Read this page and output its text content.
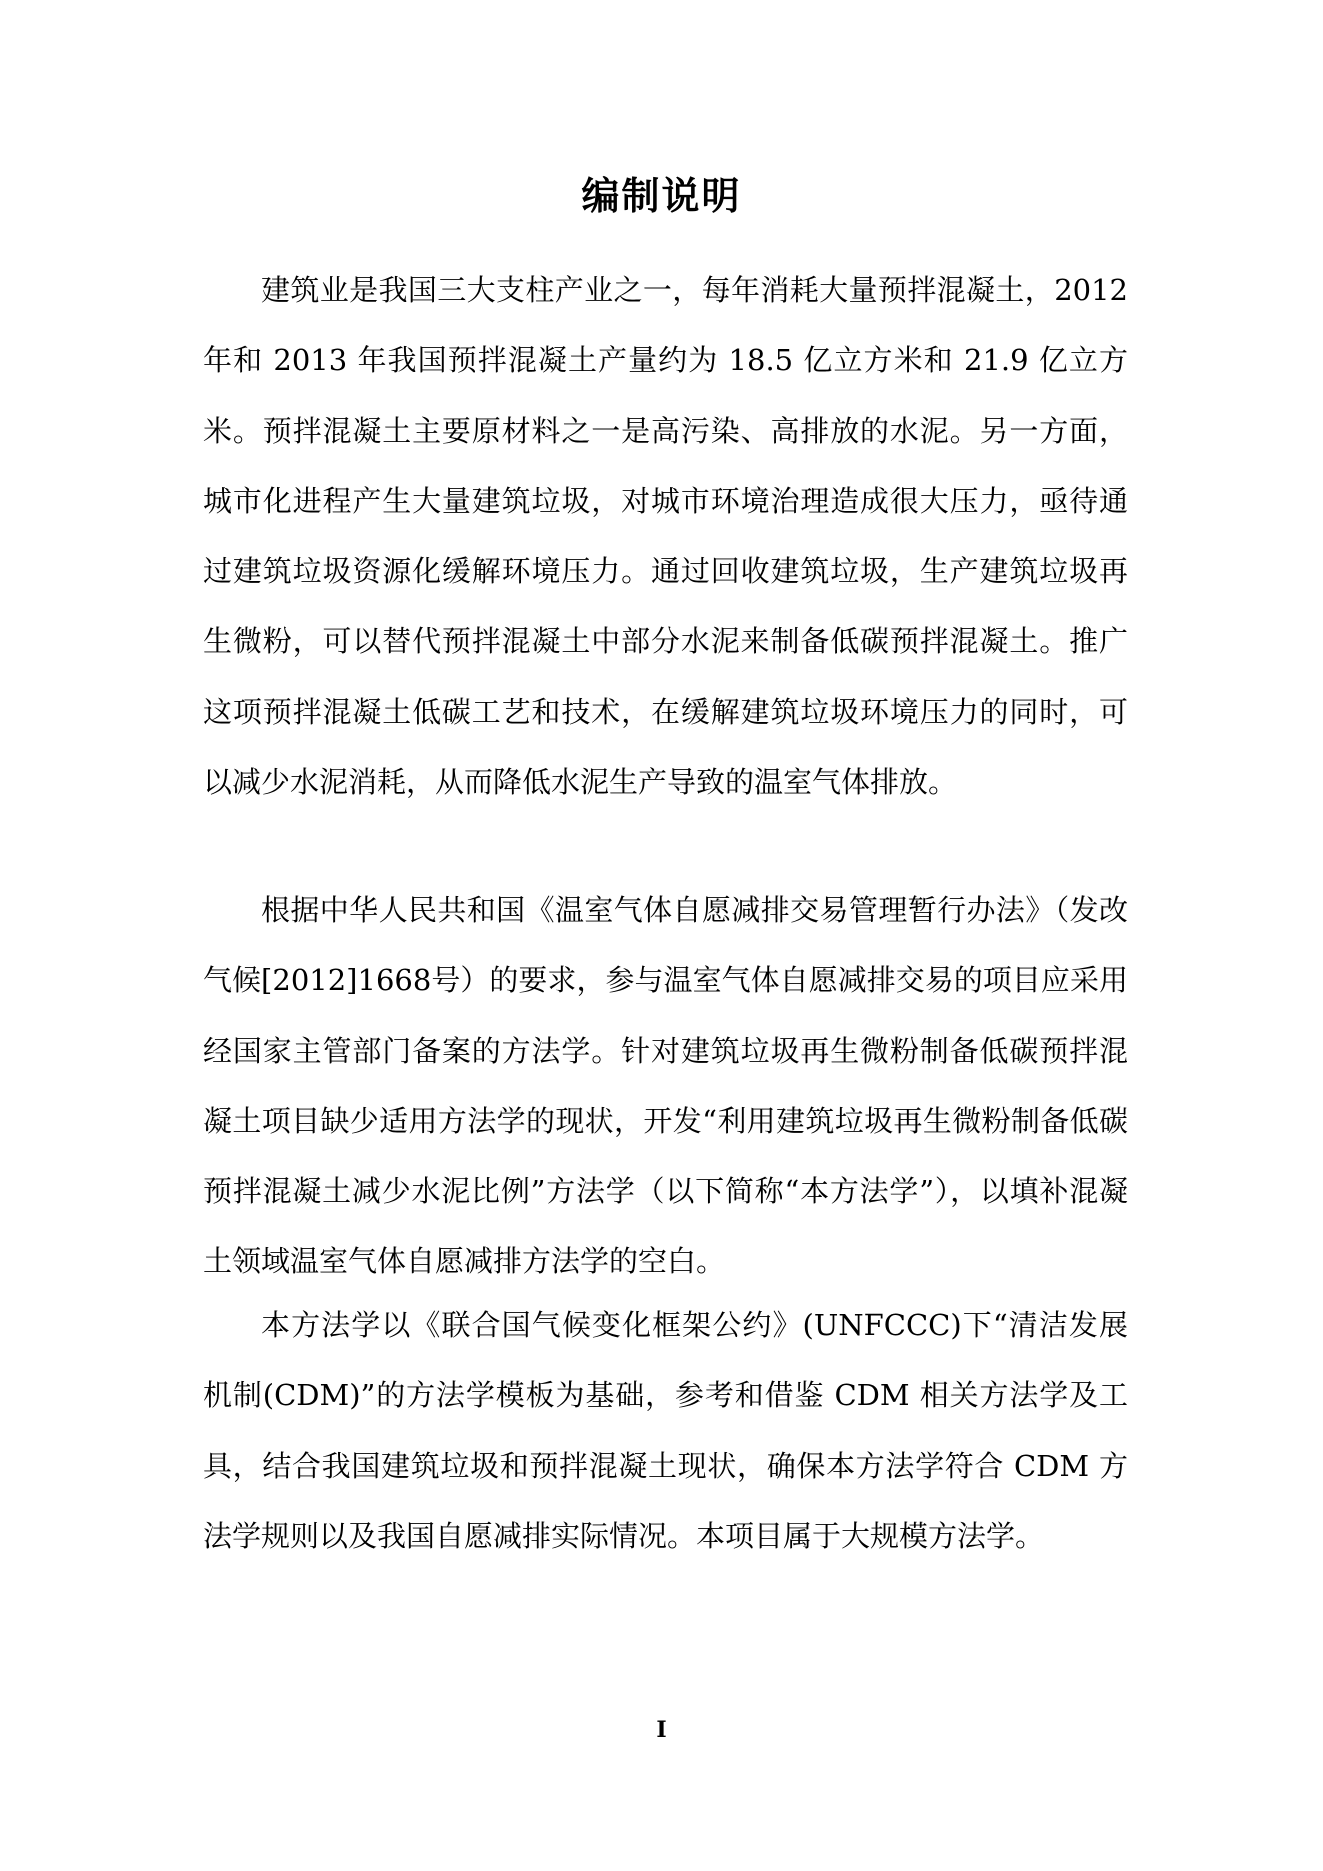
编制说明

建筑业是我国三大支柱产业之一，每年消耗大量预拌混凝土，2012 年和 2013 年我国预拌混凝土产量约为 18.5 亿立方米和 21.9 亿立方米。预拌混凝土主要原材料之一是高污染、高排放的水泥。另一方面，城市化进程产生大量建筑垃圾，对城市环境治理造成很大压力，亟待通过建筑垃圾资源化缓解环境压力。通过回收建筑垃圾，生产建筑垃圾再生微粉，可以替代预拌混凝土中部分水泥来制备低碳预拌混凝土。推广这项预拌混凝土低碳工艺和技术，在缓解建筑垃圾环境压力的同时，可以减少水泥消耗，从而降低水泥生产导致的温室气体排放。

根据中华人民共和国《温室气体自愿减排交易管理暂行办法》（发改气候[2012]1668号）的要求，参与温室气体自愿减排交易的项目应采用经国家主管部门备案的方法学。针对建筑垃圾再生微粉制备低碳预拌混凝土项目缺少适用方法学的现状，开发“利用建筑垃圾再生微粉制备低碳预拌混凝土减少水泥比例”方法学（以下简称“本方法学”），以填补混凝土领域温室气体自愿减排方法学的空白。

本方法学以《联合国气候变化框架公约》(UNFCCC)下“清洁发展机制(CDM)”的方法学模板为基础，参考和借鉴 CDM 相关方法学及工具，结合我国建筑垃圾和预拌混凝土现状，确保本方法学符合 CDM 方法学规则以及我国自愿减排实际情况。本项目属于大规模方法学。

I
